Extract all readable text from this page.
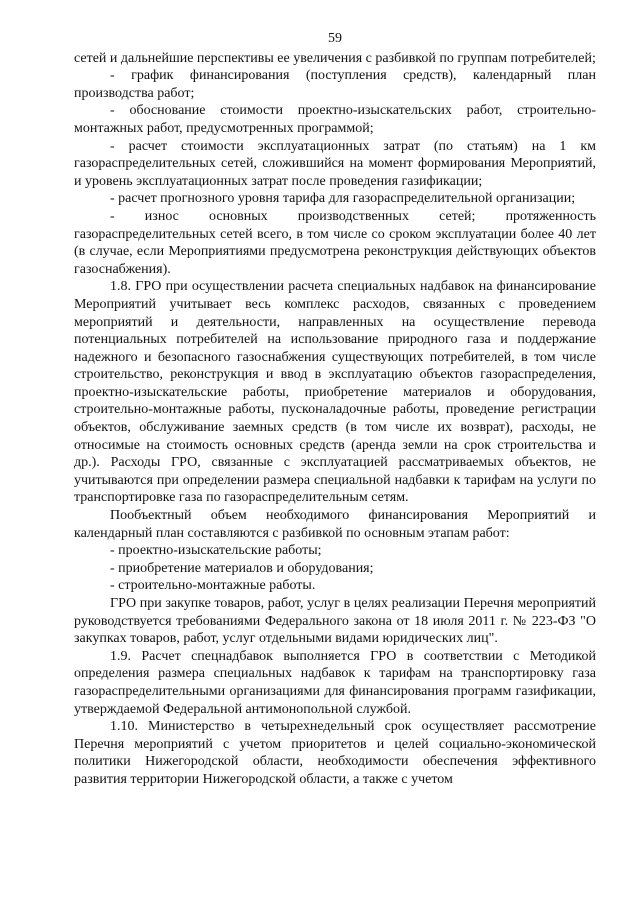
59

сетей и дальнейшие перспективы ее увеличения с разбивкой по группам потребителей;

- график финансирования (поступления средств), календарный план производства работ;

- обоснование стоимости проектно-изыскательских работ, строительно-монтажных работ, предусмотренных программой;

- расчет стоимости эксплуатационных затрат (по статьям) на 1 км газораспределительных сетей, сложившийся на момент формирования Мероприятий, и уровень эксплуатационных затрат после проведения газификации;

- расчет прогнозного уровня тарифа для газораспределительной организации;

- износ основных производственных сетей; протяженность газораспределительных сетей всего, в том числе со сроком эксплуатации более 40 лет (в случае, если Мероприятиями предусмотрена реконструкция действующих объектов газоснабжения).

1.8. ГРО при осуществлении расчета специальных надбавок на финансирование Мероприятий учитывает весь комплекс расходов, связанных с проведением мероприятий и деятельности, направленных на осуществление перевода потенциальных потребителей на использование природного газа и поддержание надежного и безопасного газоснабжения существующих потребителей, в том числе строительство, реконструкция и ввод в эксплуатацию объектов газораспределения, проектно-изыскательские работы, приобретение материалов и оборудования, строительно-монтажные работы, пусконаладочные работы, проведение регистрации объектов, обслуживание заемных средств (в том числе их возврат), расходы, не относимые на стоимость основных средств (аренда земли на срок строительства и др.). Расходы ГРО, связанные с эксплуатацией рассматриваемых объектов, не учитываются при определении размера специальной надбавки к тарифам на услуги по транспортировке газа по газораспределительным сетям.

Пообъектный объем необходимого финансирования Мероприятий и календарный план составляются с разбивкой по основным этапам работ:

- проектно-изыскательские работы;

- приобретение материалов и оборудования;

- строительно-монтажные работы.

ГРО при закупке товаров, работ, услуг в целях реализации Перечня мероприятий руководствуется требованиями Федерального закона от 18 июля 2011 г. № 223-ФЗ "О закупках товаров, работ, услуг отдельными видами юридических лиц".

1.9. Расчет спецнадбавок выполняется ГРО в соответствии с Методикой определения размера специальных надбавок к тарифам на транспортировку газа газораспределительными организациями для финансирования программ газификации, утверждаемой Федеральной антимонопольной службой.

1.10. Министерство в четырехнедельный срок осуществляет рассмотрение Перечня мероприятий с учетом приоритетов и целей социально-экономической политики Нижегородской области, необходимости обеспечения эффективного развития территории Нижегородской области, а также с учетом
